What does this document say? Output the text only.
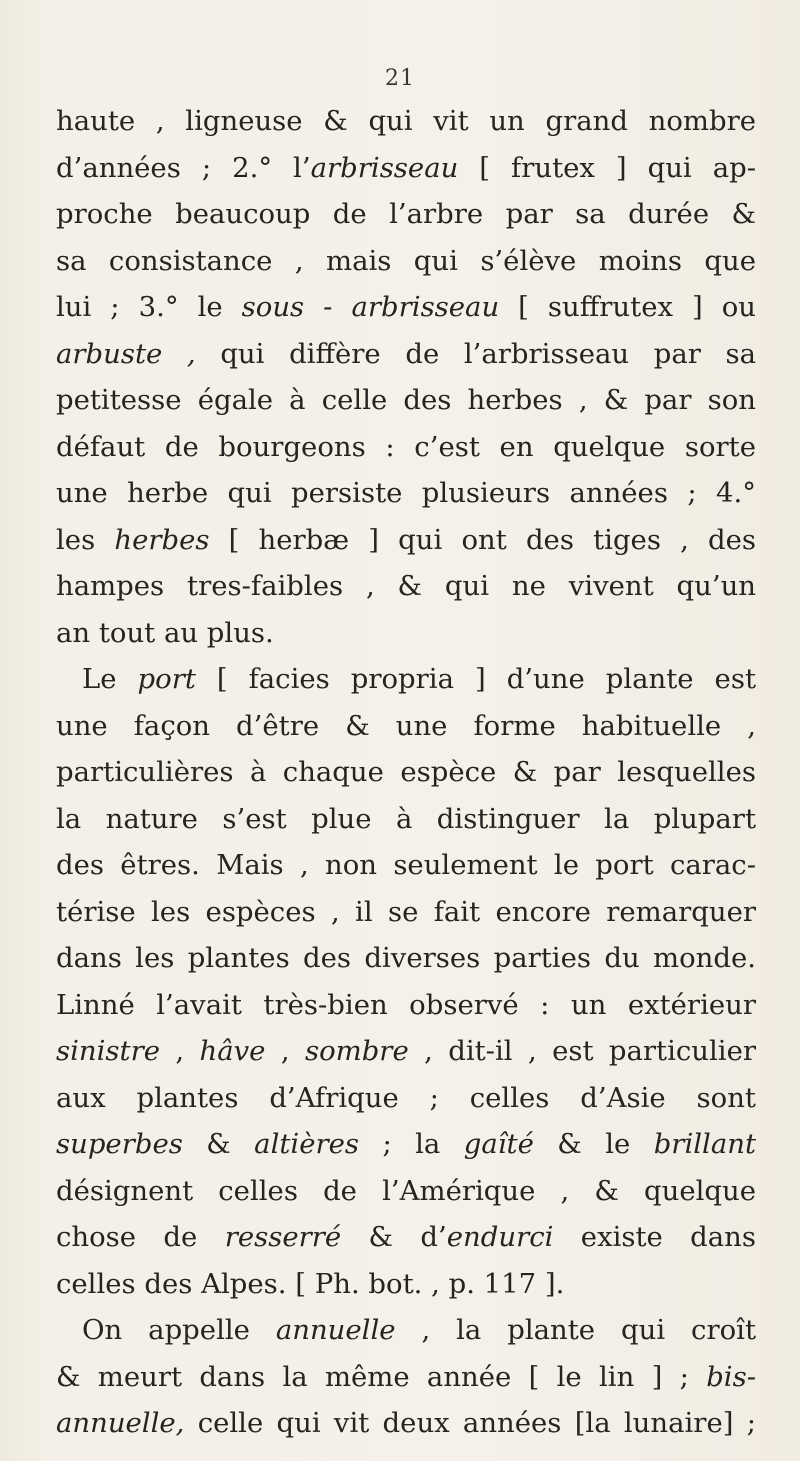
21
haute , ligneuse & qui vit un grand nombre
d’années ; 2.° l’arbrisseau [ frutex ] qui ap-
proche beaucoup de l’arbre par sa durée &
sa consistance , mais qui s’élève moins que
lui ; 3.° le sous - arbrisseau [ suffrutex ] ou
arbuste , qui diffère de l’arbrisseau par sa
petitesse égale à celle des herbes , & par son
défaut de bourgeons : c’est en quelque sorte
une herbe qui persiste plusieurs années ; 4.°
les herbes [ herbæ ] qui ont des tiges , des
hampes tres-faibles , & qui ne vivent qu’un
an tout au plus.
Le port [ facies propria ] d’une plante est
une façon d’être & une forme habituelle ,
particulières à chaque espèce & par lesquelles
la nature s’est plue à distinguer la plupart
des êtres. Mais , non seulement le port carac-
térise les espèces , il se fait encore remarquer
dans les plantes des diverses parties du monde.
Linné l’avait très-bien observé : un extérieur
sinistre , hâve , sombre , dit-il , est particulier
aux plantes d’Afrique ; celles d’Asie sont
superbes & altières ; la gaîté & le brillant
désignent celles de l’Amérique , & quelque
chose de resserré & d’endurci existe dans
celles des Alpes. [ Ph. bot. , p. 117 ].
On appelle annuelle , la plante qui croît
& meurt dans la même année [ le lin ] ; bis-
annuelle, celle qui vit deux années [la lunaire] ;
